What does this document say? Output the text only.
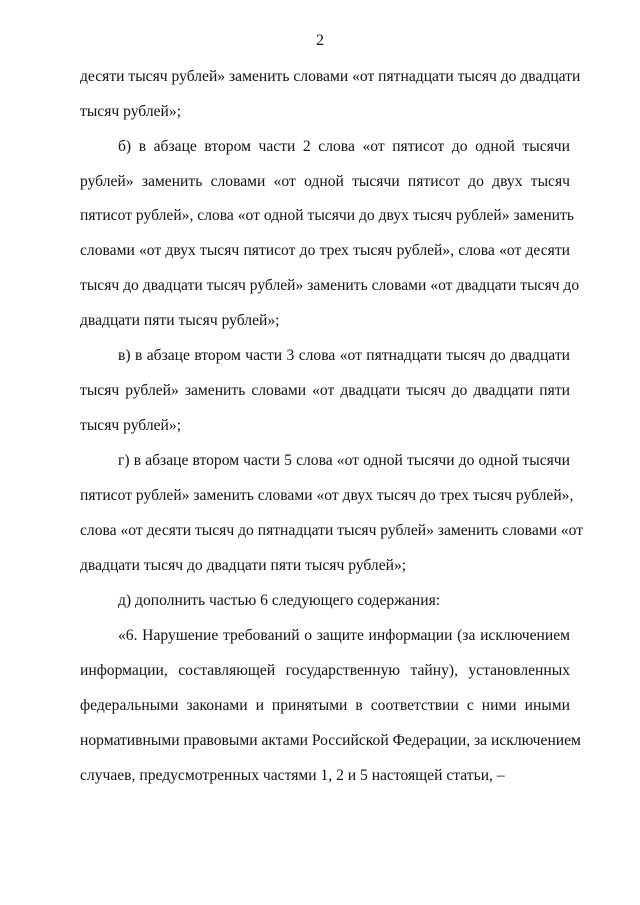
2
десяти тысяч рублей» заменить словами «от пятнадцати тысяч до двадцати
тысяч рублей»;
б) в абзаце втором части 2 слова «от пятисот до одной тысячи
рублей» заменить словами «от одной тысячи пятисот до двух тысяч
пятисот рублей», слова «от одной тысячи до двух тысяч рублей» заменить
словами «от двух тысяч пятисот до трех тысяч рублей», слова «от десяти
тысяч до двадцати тысяч рублей» заменить словами «от двадцати тысяч до
двадцати пяти тысяч рублей»;
в) в абзаце втором части 3 слова «от пятнадцати тысяч до двадцати
тысяч рублей» заменить словами «от двадцати тысяч до двадцати пяти
тысяч рублей»;
г) в абзаце втором части 5 слова «от одной тысячи до одной тысячи
пятисот рублей» заменить словами «от двух тысяч до трех тысяч рублей»,
слова «от десяти тысяч до пятнадцати тысяч рублей» заменить словами «от
двадцати тысяч до двадцати пяти тысяч рублей»;
д) дополнить частью 6 следующего содержания:
«6. Нарушение требований о защите информации (за исключением
информации, составляющей государственную тайну), установленных
федеральными законами и принятыми в соответствии с ними иными
нормативными правовыми актами Российской Федерации, за исключением
случаев, предусмотренных частями 1, 2 и 5 настоящей статьи, –
